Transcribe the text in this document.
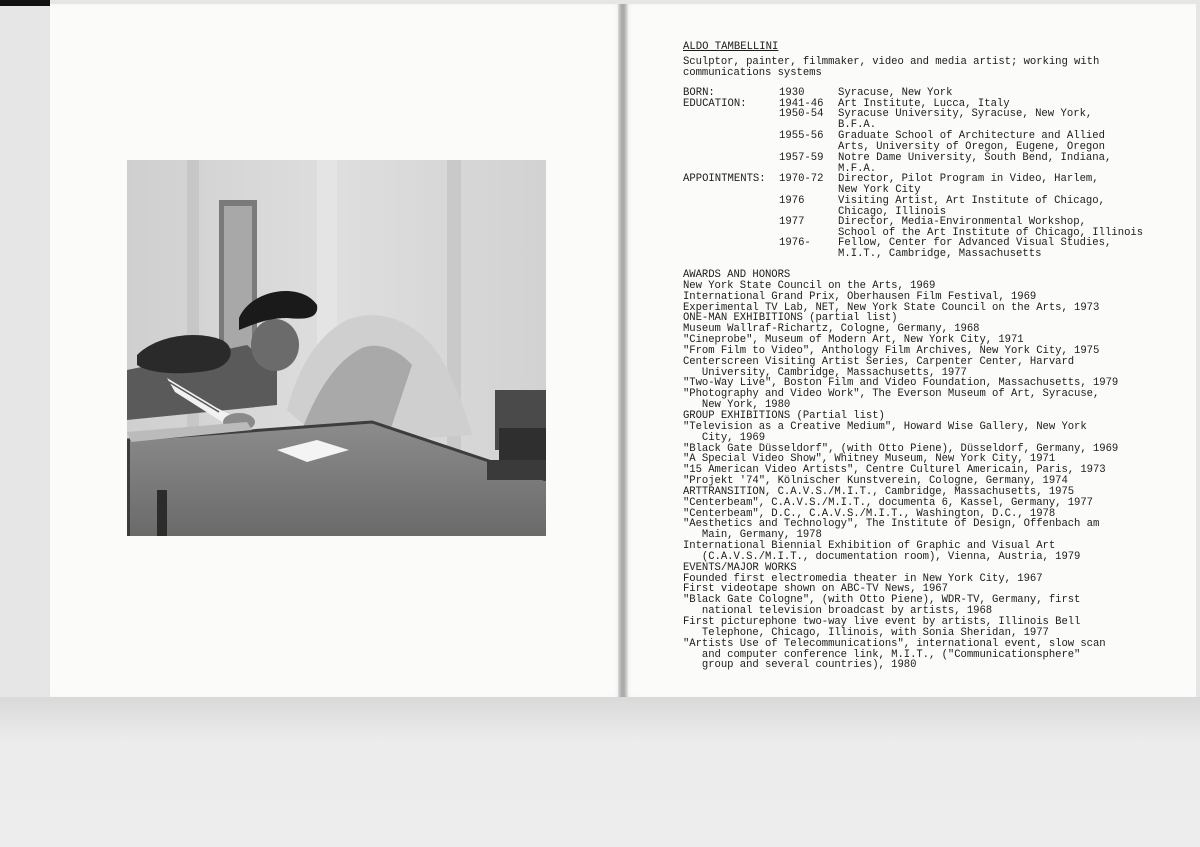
ALDO TAMBELLINI
Sculptor, painter, filmmaker, video and media artist; working with
communications systems
BORN:	1930	Syracuse, New York
EDUCATION:	1941-46 Art Institute, Lucca, Italy
1950-54 Syracuse University, Syracuse, New York,
B.F.A.
1955-56 Graduate School of Architecture and Allied
Arts, University of Oregon, Eugene, Oregon
1957-59 Notre Dame University, South Bend, Indiana,
M.F.A.
APPOINTMENTS: 1970-72 Director, Pilot Program in Video, Harlem,
New York City
1976	Visiting Artist, Art Institute of Chicago,
Chicago, Illinois
1977	Director, Media-Environmental Workshop,
School of the Art Institute of Chicago, Illinois
1976-	Fellow, Center for Advanced Visual Studies,
M.I.T., Cambridge, Massachusetts
AWARDS AND HONORS
New York State Council on the Arts, 1969
International Grand Prix, Oberhausen Film Festival, 1969
Experimental TV Lab, NET, New York State Council on the Arts, 1973
ONE-MAN EXHIBITIONS (partial list)
Museum Wallraf-Richartz, Cologne, Germany, 1968
"Cineprobe", Museum of Modern Art, New York City, 1971
"From Film to Video", Anthology Film Archives, New York City, 1975
Centerscreen Visiting Artist Series, Carpenter Center, Harvard
University, Cambridge, Massachusetts, 1977
"Two-Way Live", Boston Film and Video Foundation, Massachusetts, 1979
"Photography and Video Work", The Everson Museum of Art, Syracuse,
New York, 1980
GROUP EXHIBITIONS (Partial list)
"Television as a Creative Medium", Howard Wise Gallery, New York
City, 1969
"Black Gate Düsseldorf", (with Otto Piene), Düsseldorf, Germany, 1969
"A Special Video Show", Whitney Museum, New York City, 1971
"15 American Video Artists", Centre Culturel Americain, Paris, 1973
"Projekt '74", Kölnischer Kunstverein, Cologne, Germany, 1974
ARTTRANSITION, C.A.V.S./M.I.T., Cambridge, Massachusetts, 1975
"Centerbeam", C.A.V.S./M.I.T., documenta 6, Kassel, Germany, 1977
"Centerbeam", D.C., C.A.V.S./M.I.T., Washington, D.C., 1978
"Aesthetics and Technology", The Institute of Design, Offenbach am
Main, Germany, 1978
International Biennial Exhibition of Graphic and Visual Art
(C.A.V.S./M.I.T., documentation room), Vienna, Austria, 1979
EVENTS/MAJOR WORKS
Founded first electromedia theater in New York City, 1967
First videotape shown on ABC-TV News, 1967
"Black Gate Cologne", (with Otto Piene), WDR-TV, Germany, first
national television broadcast by artists, 1968
First picturephone two-way live event by artists, Illinois Bell
Telephone, Chicago, Illinois, with Sonia Sheridan, 1977
"Artists Use of Telecommunications", international event, slow scan
and computer conference link, M.I.T., ("Communicationsphere"
group and several countries), 1980
